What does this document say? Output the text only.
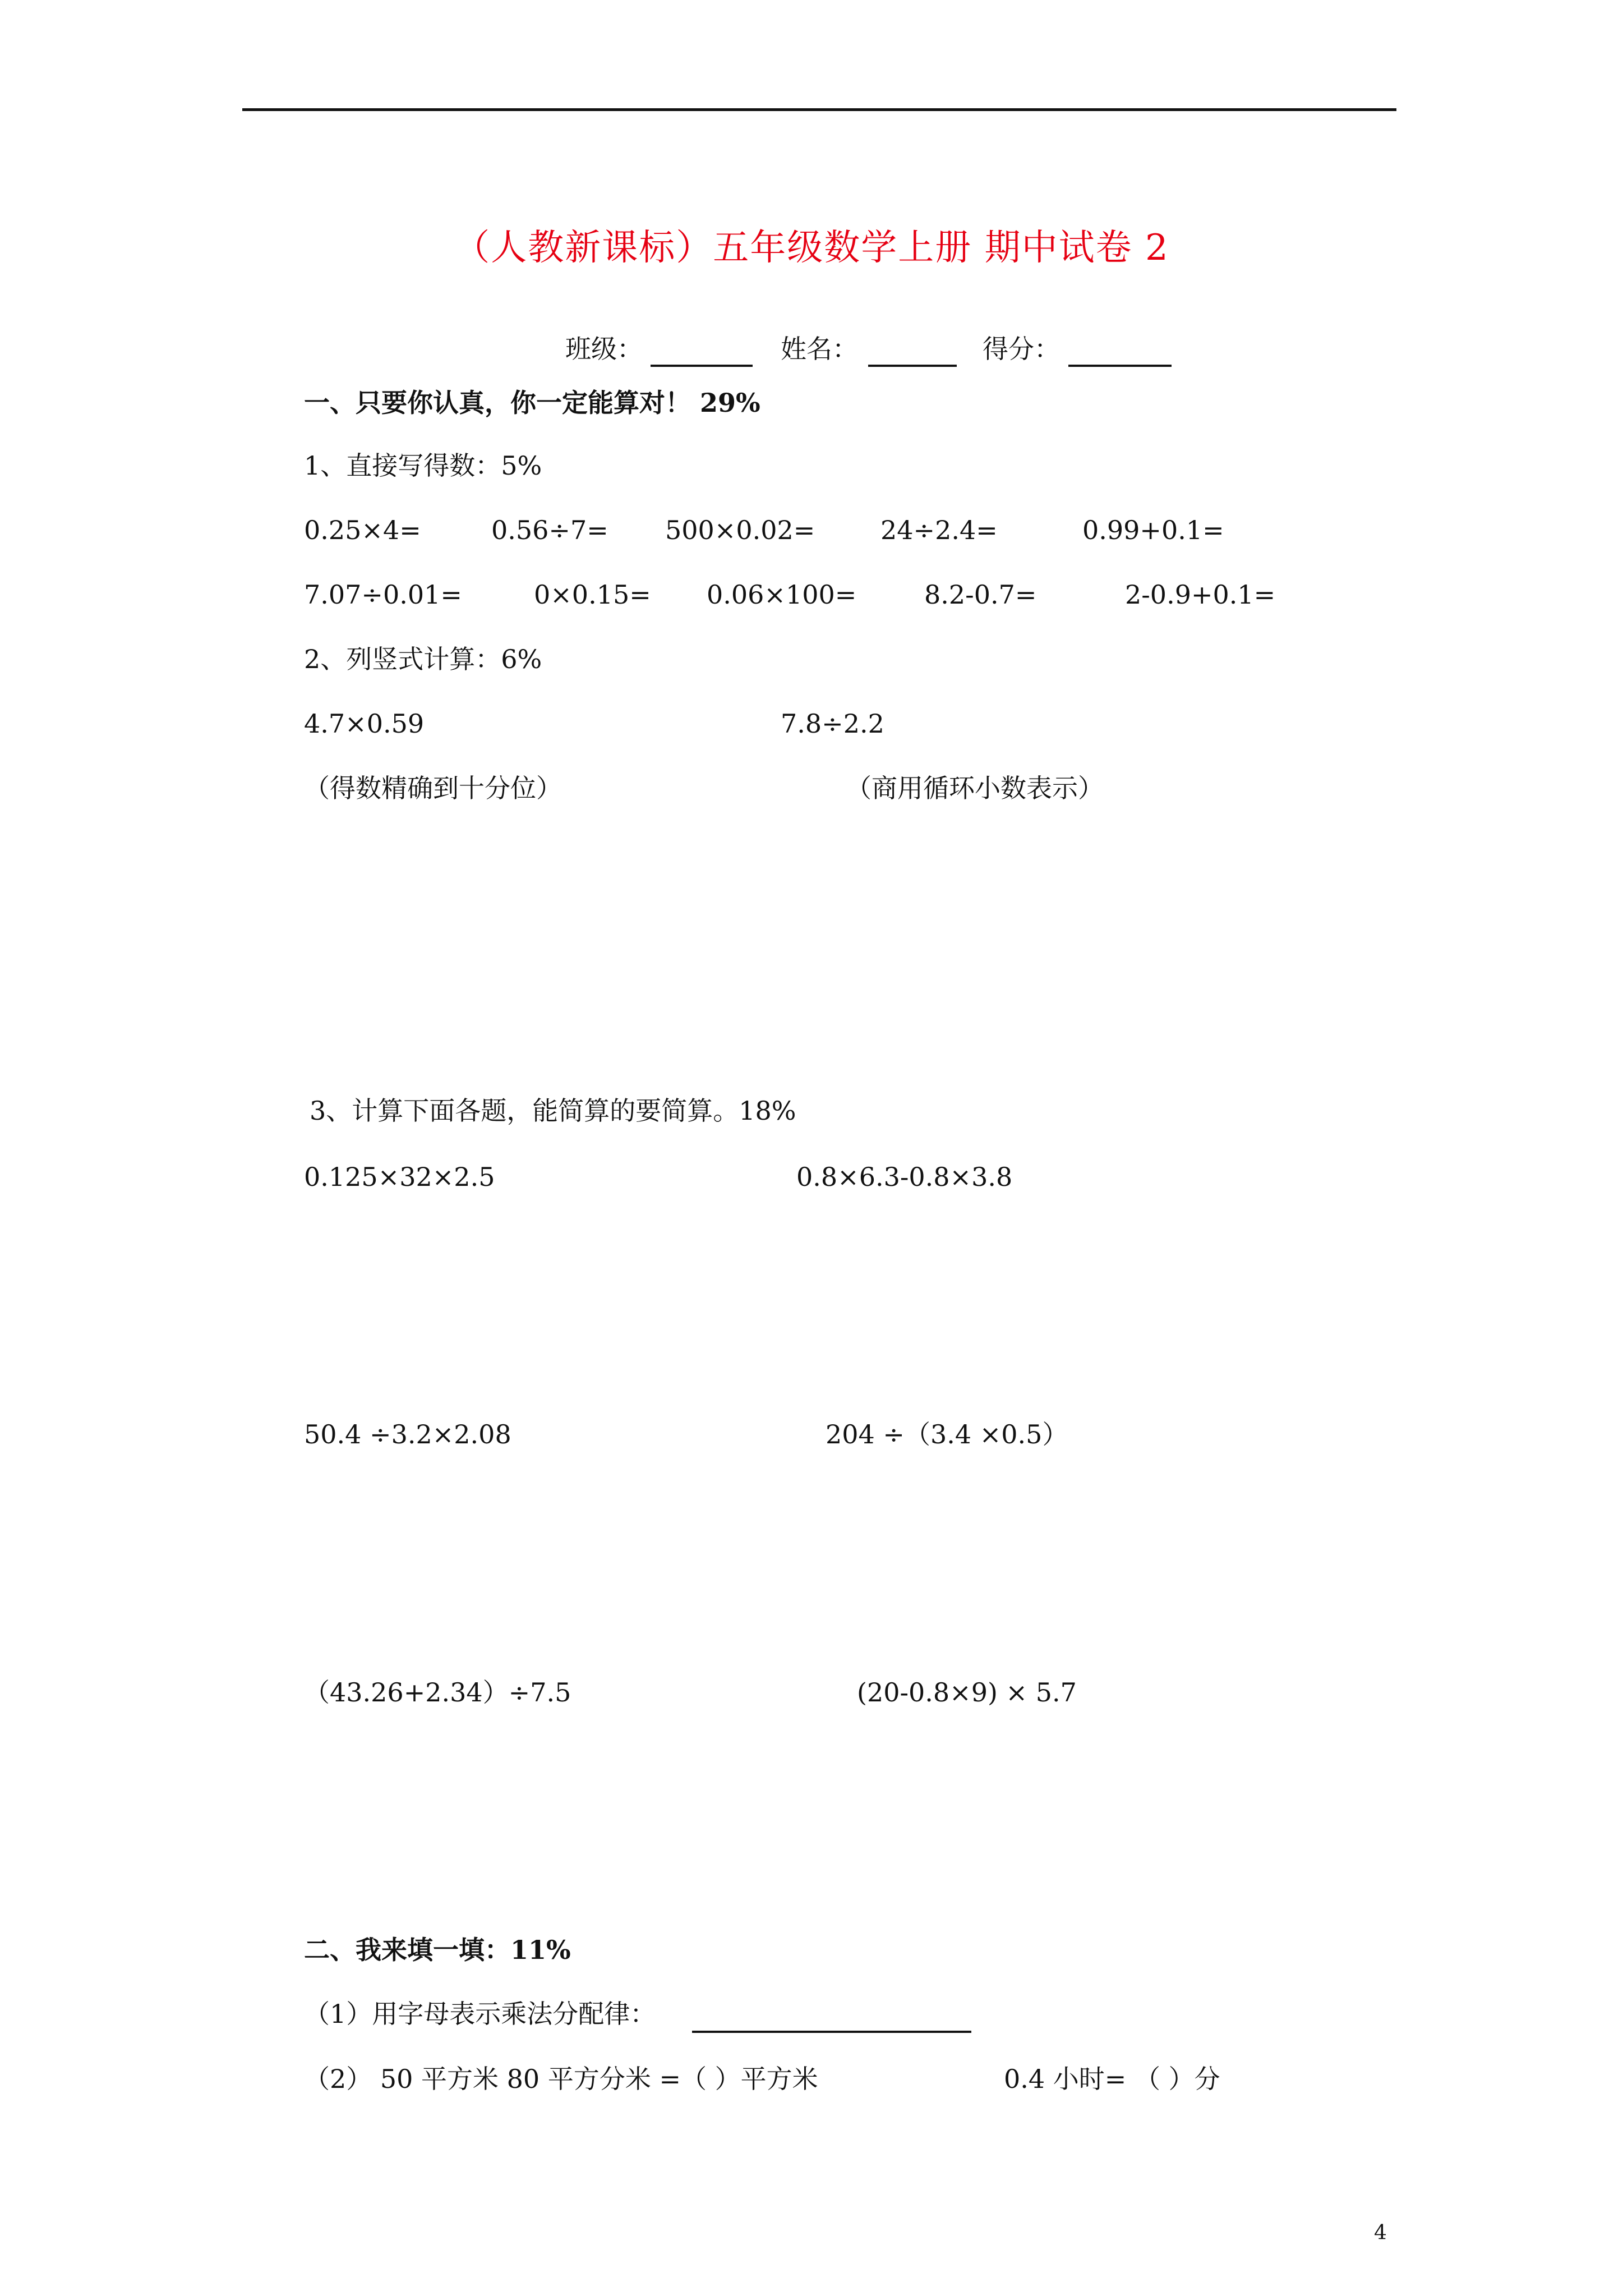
（人教新课标）五年级数学上册 期中试卷 2
班级：	姓名：	得分：
一、只要你认真，你一定能算对！ 29%
1、直接写得数：5%
0.25×4=	0.56÷7= 500×0.02=	24÷2.4=	0.99+0.1=
7.07÷0.01=	0×0.15= 0.06×100=	8.2-0.7=	2-0.9+0.1=
2、列竖式计算：6%
4.7×0.59	7.8÷2.2
（得数精确到十分位）	（商用循环小数表示）
3、计算下面各题，能简算的要简算。18%
0.125×32×2.5	0.8×6.3-0.8×3.8
50.4 ÷3.2×2.08	204 ÷（3.4 ×0.5）
（43.26+2.34）÷7.5	(20-0.8×9) × 5.7
二、我来填一填：11%
（1）用字母表示乘法分配律：
（2） 50 平方米 80 平方分米 =（ ）平方米	0.4 小时= （ ）分
4
